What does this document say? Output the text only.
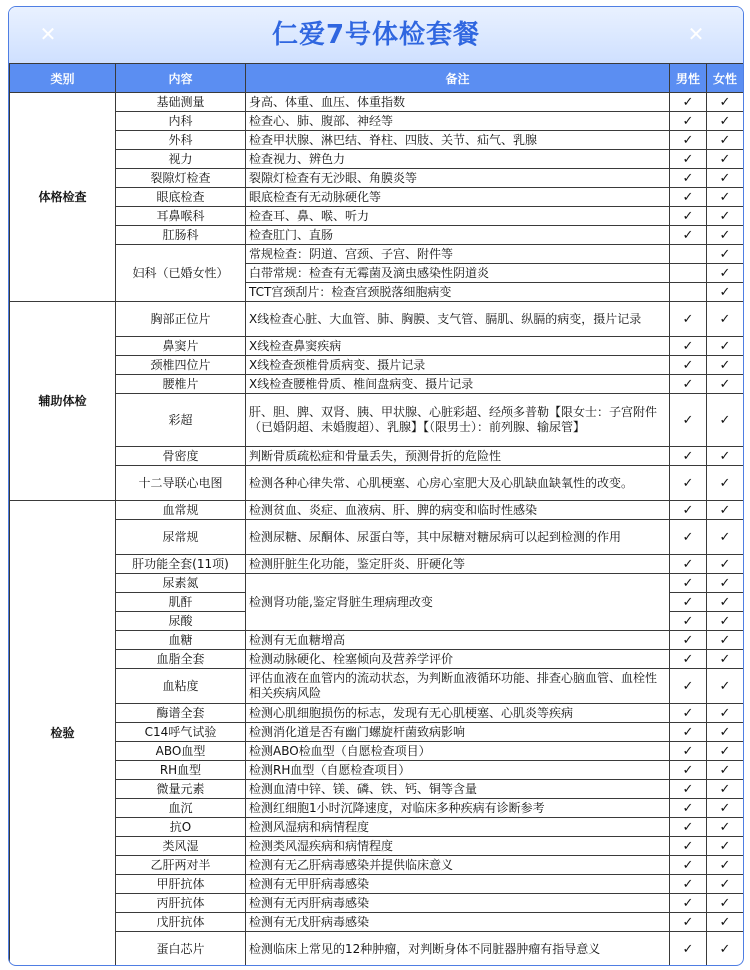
✕	仁爱7号体检套餐	✕
类别	内容	备注	男性	女性
体格检查	基础测量	身高、体重、血压、体重指数	✓	✓
	内科	检查心、肺、腹部、神经等	✓	✓
	外科	检查甲状腺、淋巴结、脊柱、四肢、关节、疝气、乳腺	✓	✓
	视力	检查视力、辨色力	✓	✓
	裂隙灯检查	裂隙灯检查有无沙眼、角膜炎等	✓	✓
	眼底检查	眼底检查有无动脉硬化等	✓	✓
	耳鼻喉科	检查耳、鼻、喉、听力	✓	✓
	肛肠科	检查肛门、直肠	✓	✓
	妇科（已婚女性）	常规检查：阴道、宫颈、子宫、附件等		✓
		白带常规：检查有无霉菌及滴虫感染性阴道炎		✓
		TCT宫颈刮片：检查宫颈脱落细胞病变		✓
辅助体检	胸部正位片	X线检查心脏、大血管、肺、胸膜、支气管、膈肌、纵膈的病变，摄片记录	✓	✓
	鼻窦片	X线检查鼻窦疾病	✓	✓
	颈椎四位片	X线检查颈椎骨质病变、摄片记录	✓	✓
	腰椎片	X线检查腰椎骨质、椎间盘病变、摄片记录	✓	✓
	彩超	肝、胆、脾、双肾、胰、甲状腺、心脏彩超、经颅多普勒【限女士：子宫附件（已婚阴超、未婚腹超）、乳腺】【（限男士）：前列腺、输尿管】	✓	✓
	骨密度	判断骨质疏松症和骨量丢失，预测骨折的危险性	✓	✓
	十二导联心电图	检测各种心律失常、心肌梗塞、心房心室肥大及心肌缺血缺氧性的改变。	✓	✓
检验	血常规	检测贫血、炎症、血液病、肝、脾的病变和临时性感染	✓	✓
	尿常规	检测尿糖、尿酮体、尿蛋白等，其中尿糖对糖尿病可以起到检测的作用	✓	✓
	肝功能全套(11项)	检测肝脏生化功能，鉴定肝炎、肝硬化等	✓	✓
	尿素氮	检测肾功能,鉴定肾脏生理病理改变	✓	✓
	肌酐		✓	✓
	尿酸		✓	✓
	血糖	检测有无血糖增高	✓	✓
	血脂全套	检测动脉硬化、栓塞倾向及营养学评价	✓	✓
	血粘度	评估血液在血管内的流动状态，为判断血液循环功能、排查心脑血管、血栓性相关疾病风险	✓	✓
	酶谱全套	检测心肌细胞损伤的标志，发现有无心肌梗塞、心肌炎等疾病	✓	✓
	C14呼气试验	检测消化道是否有幽门螺旋杆菌致病影响	✓	✓
	ABO血型	检测ABO检血型（自愿检查项目）	✓	✓
	RH血型	检测RH血型（自愿检查项目）	✓	✓
	微量元素	检测血清中锌、镁、磷、铁、钙、铜等含量	✓	✓
	血沉	检测红细胞1小时沉降速度，对临床多种疾病有诊断参考	✓	✓
	抗O	检测风湿病和病情程度	✓	✓
	类风湿	检测类风湿疾病和病情程度	✓	✓
	乙肝两对半	检测有无乙肝病毒感染并提供临床意义	✓	✓
	甲肝抗体	检测有无甲肝病毒感染	✓	✓
	丙肝抗体	检测有无丙肝病毒感染	✓	✓
	戊肝抗体	检测有无戊肝病毒感染	✓	✓
	蛋白芯片	检测临床上常见的12种肿瘤，对判断身体不同脏器肿瘤有指导意义	✓	✓
